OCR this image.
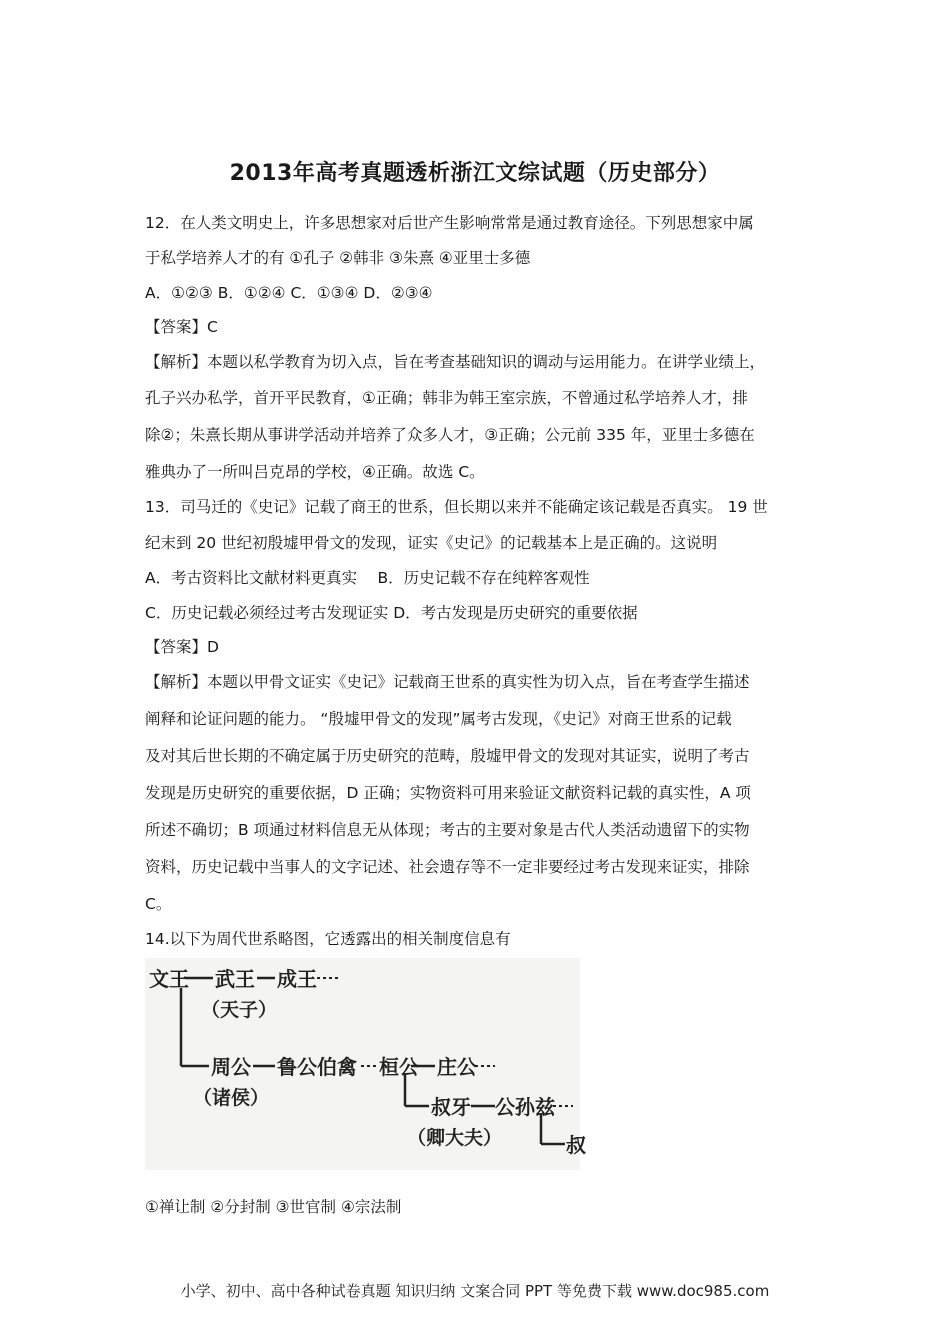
2013年高考真题透析浙江文综试题（历史部分）
12．在人类文明史上，许多思想家对后世产生影响常常是通过教育途径。下列思想家中属
于私学培养人才的有 ①孔子 ②韩非 ③朱熹 ④亚里士多德
A．①②③ B．①②④ C．①③④ D．②③④
【答案】C
【解析】本题以私学教育为切入点，旨在考查基础知识的调动与运用能力。在讲学业绩上，
孔子兴办私学，首开平民教育，①正确；韩非为韩王室宗族，不曾通过私学培养人才，排
除②；朱熹长期从事讲学活动并培养了众多人才，③正确；公元前 335 年，亚里士多德在
雅典办了一所叫吕克昂的学校，④正确。故选 C。
13．司马迁的《史记》记载了商王的世系，但长期以来并不能确定该记载是否真实。 19 世
纪末到 20 世纪初殷墟甲骨文的发现，证实《史记》的记载基本上是正确的。这说明
A．考古资料比文献材料更真实 　B．历史记载不存在纯粹客观性
C．历史记载必须经过考古发现证实 D．考古发现是历史研究的重要依据
【答案】D
【解析】本题以甲骨文证实《史记》记载商王世系的真实性为切入点，旨在考查学生描述
阐释和论证问题的能力。 “殷墟甲骨文的发现”属考古发现，《史记》对商王世系的记载
及对其后世长期的不确定属于历史研究的范畴，殷墟甲骨文的发现对其证实，说明了考古
发现是历史研究的重要依据，D 正确；实物资料可用来验证文献资料记载的真实性，A 项
所述不确切；B 项通过材料信息无从体现；考古的主要对象是古代人类活动遗留下的实物
资料，历史记载中当事人的文字记述、社会遗存等不一定非要经过考古发现来证实，排除
C。
14.以下为周代世系略图，它透露出的相关制度信息有
文王 武王 成王
（天子）
周公 鲁公伯禽 桓公 庄公
（诸侯）	叔牙 公孙兹
（卿大夫）	叔
①禅让制 ②分封制 ③世官制 ④宗法制
小学、初中、高中各种试卷真题 知识归纳 文案合同 PPT 等免费下载 www.doc985.com
